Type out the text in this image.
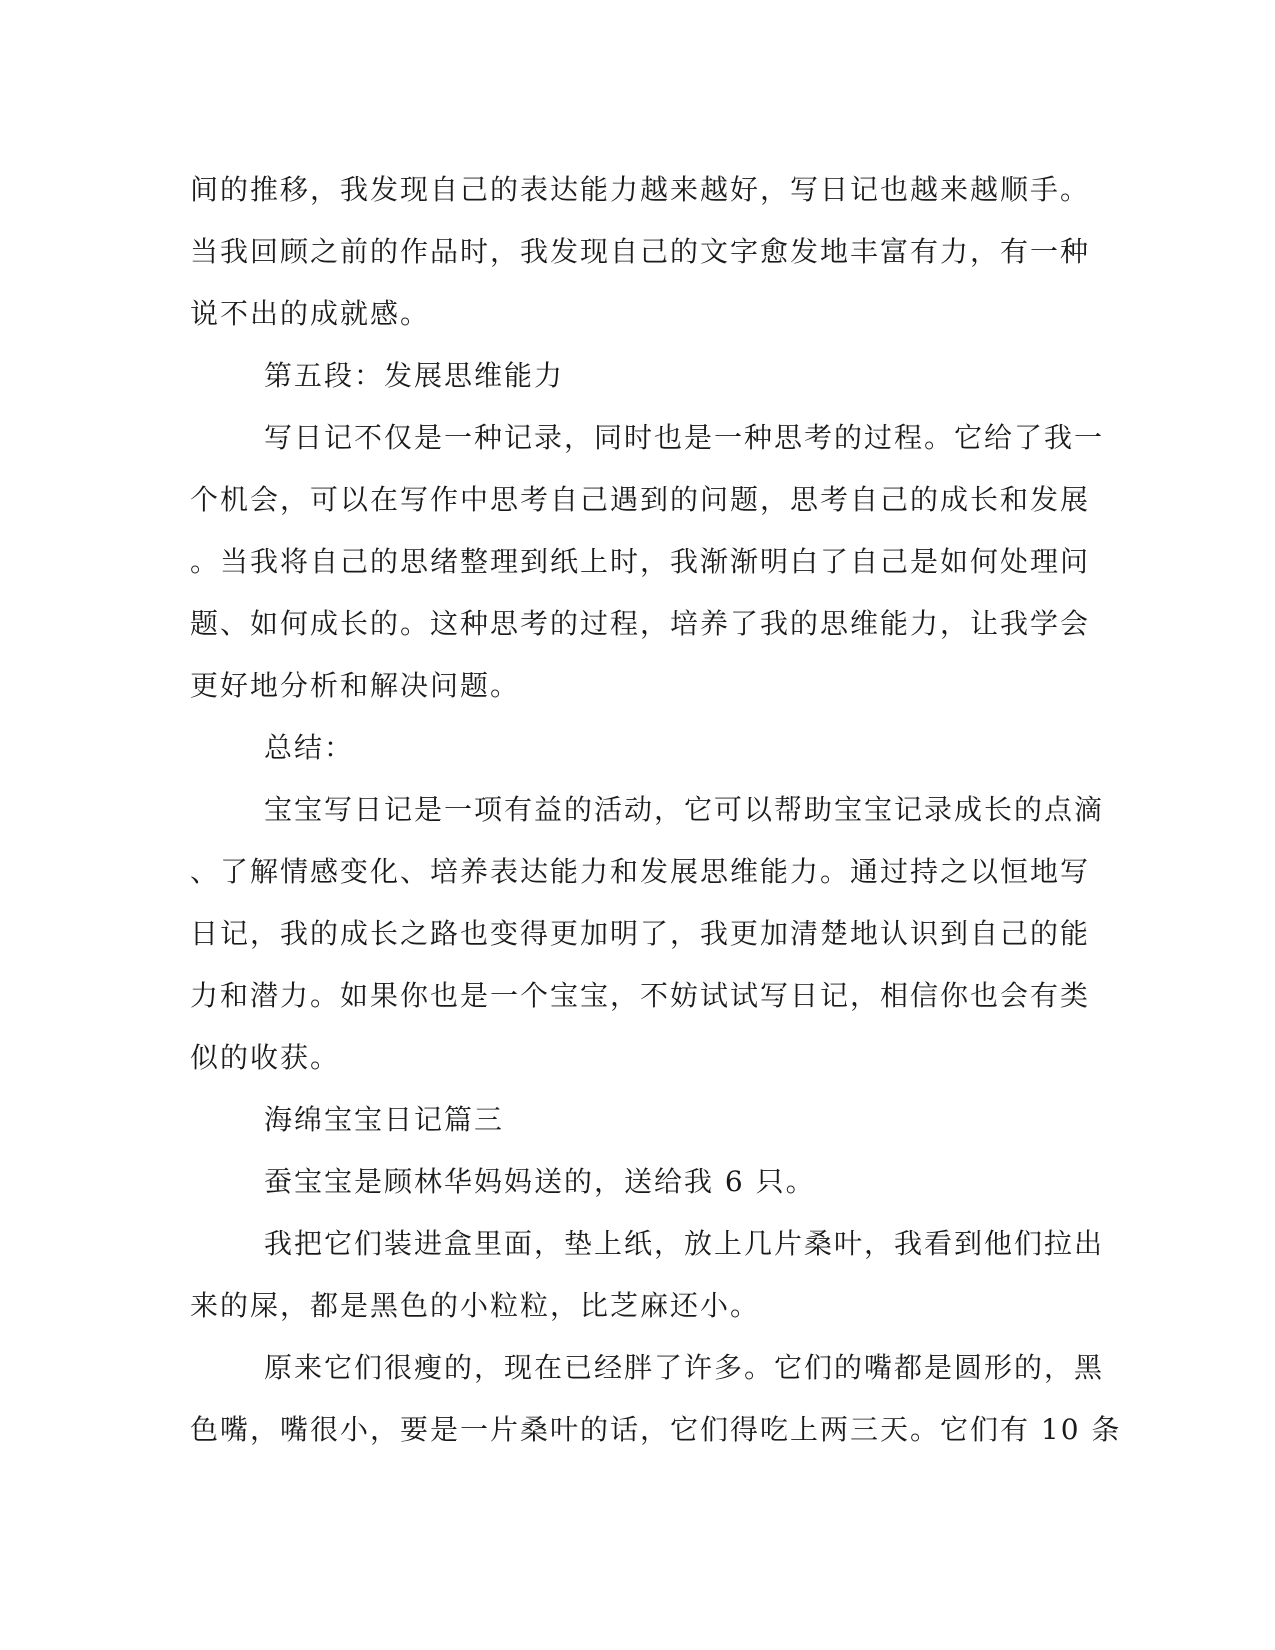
间的推移，我发现自己的表达能力越来越好，写日记也越来越顺手。
当我回顾之前的作品时，我发现自己的文字愈发地丰富有力，有一种
说不出的成就感。
第五段：发展思维能力
写日记不仅是一种记录，同时也是一种思考的过程。它给了我一
个机会，可以在写作中思考自己遇到的问题，思考自己的成长和发展
。当我将自己的思绪整理到纸上时，我渐渐明白了自己是如何处理问
题、如何成长的。这种思考的过程，培养了我的思维能力，让我学会
更好地分析和解决问题。
总结：
宝宝写日记是一项有益的活动，它可以帮助宝宝记录成长的点滴
、了解情感变化、培养表达能力和发展思维能力。通过持之以恒地写
日记，我的成长之路也变得更加明了，我更加清楚地认识到自己的能
力和潜力。如果你也是一个宝宝，不妨试试写日记，相信你也会有类
似的收获。
海绵宝宝日记篇三
蚕宝宝是顾林华妈妈送的，送给我 6 只。
我把它们装进盒里面，垫上纸，放上几片桑叶，我看到他们拉出
来的屎，都是黑色的小粒粒，比芝麻还小。
原来它们很瘦的，现在已经胖了许多。它们的嘴都是圆形的，黑
色嘴，嘴很小，要是一片桑叶的话，它们得吃上两三天。它们有 10 条
